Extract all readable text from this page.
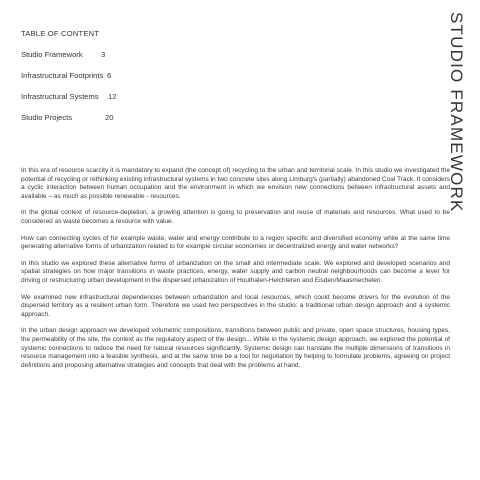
TABLE OF CONTENT
Studio Framework 3
Infrastructural Footprints 6
Infrastructural Systems 12
Studio Projects	20	STUDIO FRAMEWORK

In this era of resource scarcity it is mandatory to expand (the concept of) recycling to the urban and territorial scale. In this studio we investigated the potential of recycling or rethinking existing infrastructural systems in two concrete sites along Limburg's (partially) abandoned Coal Track. It considers a cyclic interaction between human occupation and the environment in which we envision new connections between infrastructural assets and available – as much as possible renewable - resources.

In the global context of resource-depletion, a growing attention is going to preservation and reuse of materials and resources. What used to be considered as waste becomes a resource with value.

How can connecting cycles of for example waste, water and energy contribute to a region specific and diversified economy while at the same time generating alternative forms of urbanization related to for example circular economies or decentralized energy and water networks?

In this studio we explored these alternative forms of urbanization on the small and intermediate scale. We explored and developed scenarios and spatial strategies on how major transitions in waste practices, energy, water supply and carbon neutral neighbourhoods can become a lever for driving or restructuring urban development in the dispersed urbanization of Houthalen-Helchteren and Eisden/Maasmechelen.

We examined new infrastructural dependencies between urbanization and local resources, which could become drivers for the evolution of the dispersed territory as a resilient urban form. Therefore we used two perspectives in the studio: a traditional urban design approach and a systemic approach.

In the urban design approach we developed volumetric compositions, transitions between public and private, open space structures, housing types, the permeability of the site, the context as the regulatory aspect of the design... While in the systemic design approach, we explored the potential of systemic connections to reduce the need for natural resources significantly. Systemic design can translate the multiple dimensions of transitions in resource management into a feasible synthesis, and at the same time be a tool for negotiation by helping to formulate problems, agreeing on project definitions and proposing alternative strategies and concepts that deal with the problems at hand.
